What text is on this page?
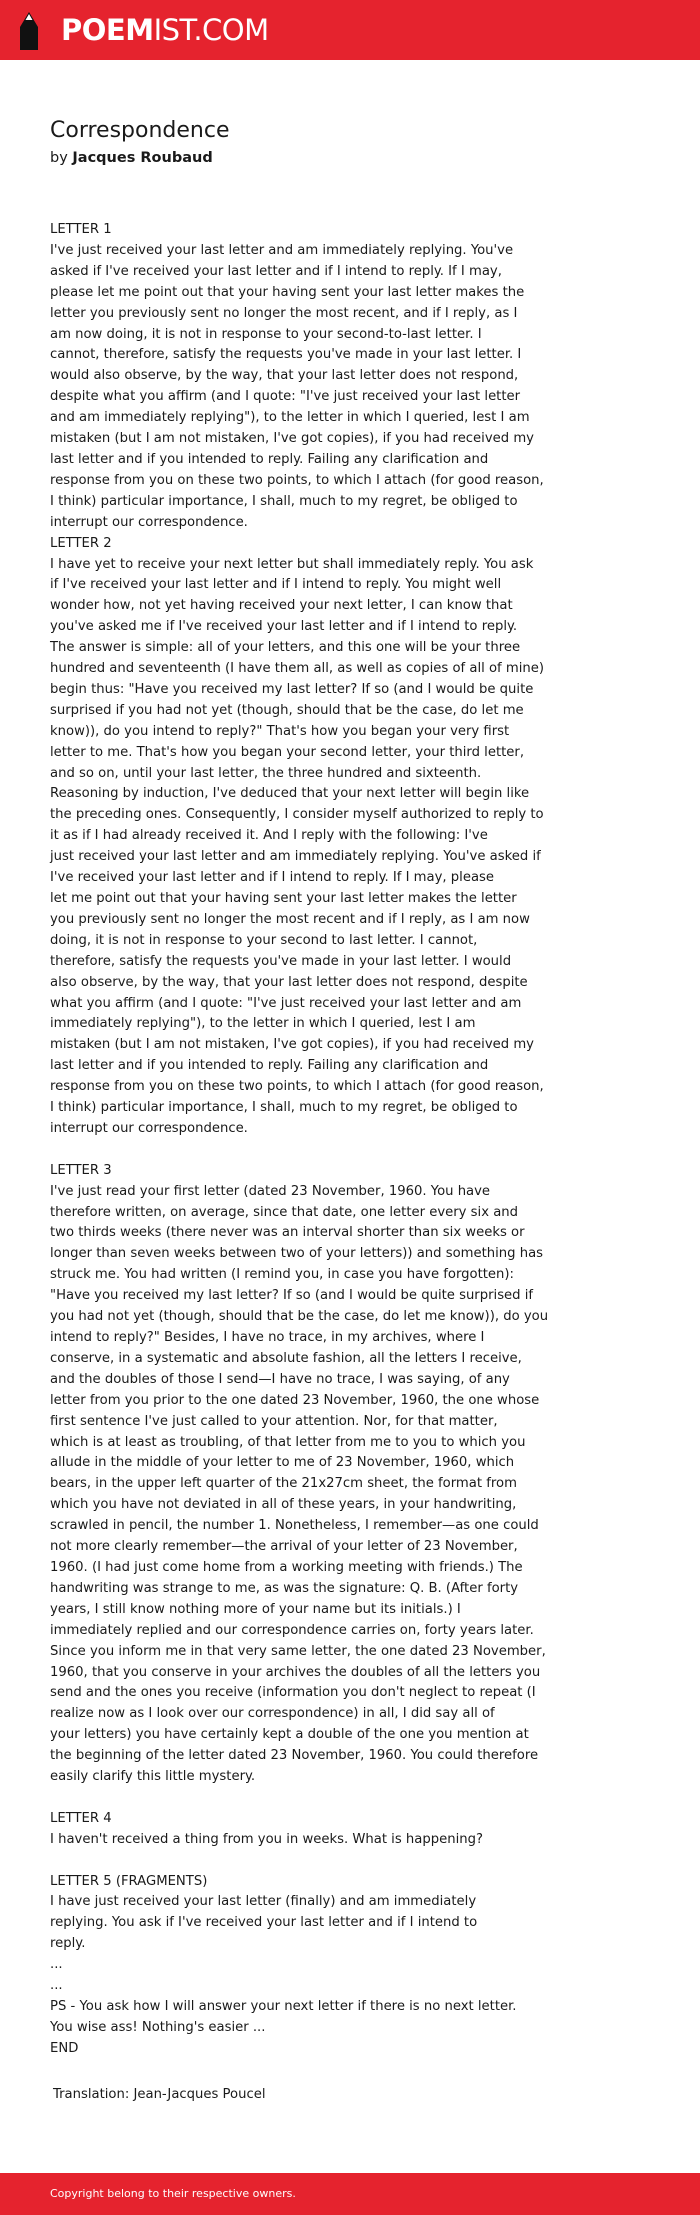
POEMIST.COM
Correspondence
by Jacques Roubaud
LETTER 1
I've just received your last letter and am immediately replying. You've
asked if I've received your last letter and if I intend to reply. If I may,
please let me point out that your having sent your last letter makes the
letter you previously sent no longer the most recent, and if I reply, as I
am now doing, it is not in response to your second-to-last letter. I
cannot, therefore, satisfy the requests you've made in your last letter. I
would also observe, by the way, that your last letter does not respond,
despite what you affirm (and I quote: "I've just received your last letter
and am immediately replying"), to the letter in which I queried, lest I am
mistaken (but I am not mistaken, I've got copies), if you had received my
last letter and if you intended to reply. Failing any clarification and
response from you on these two points, to which I attach (for good reason,
I think) particular importance, I shall, much to my regret, be obliged to
interrupt our correspondence.
LETTER 2
I have yet to receive your next letter but shall immediately reply. You ask
if I've received your last letter and if I intend to reply. You might well
wonder how, not yet having received your next letter, I can know that
you've asked me if I've received your last letter and if I intend to reply.
The answer is simple: all of your letters, and this one will be your three
hundred and seventeenth (I have them all, as well as copies of all of mine)
begin thus: "Have you received my last letter? If so (and I would be quite
surprised if you had not yet (though, should that be the case, do let me
know)), do you intend to reply?" That's how you began your very first
letter to me. That's how you began your second letter, your third letter,
and so on, until your last letter, the three hundred and sixteenth.
Reasoning by induction, I've deduced that your next letter will begin like
the preceding ones. Consequently, I consider myself authorized to reply to
it as if I had already received it. And I reply with the following: I've
just received your last letter and am immediately replying. You've asked if
I've received your last letter and if I intend to reply. If I may, please
let me point out that your having sent your last letter makes the letter
you previously sent no longer the most recent and if I reply, as I am now
doing, it is not in response to your second to last letter. I cannot,
therefore, satisfy the requests you've made in your last letter. I would
also observe, by the way, that your last letter does not respond, despite
what you affirm (and I quote: "I've just received your last letter and am
immediately replying"), to the letter in which I queried, lest I am
mistaken (but I am not mistaken, I've got copies), if you had received my
last letter and if you intended to reply. Failing any clarification and
response from you on these two points, to which I attach (for good reason,
I think) particular importance, I shall, much to my regret, be obliged to
interrupt our correspondence.
LETTER 3
I've just read your first letter (dated 23 November, 1960. You have
therefore written, on average, since that date, one letter every six and
two thirds weeks (there never was an interval shorter than six weeks or
longer than seven weeks between two of your letters)) and something has
struck me. You had written (I remind you, in case you have forgotten):
"Have you received my last letter? If so (and I would be quite surprised if
you had not yet (though, should that be the case, do let me know)), do you
intend to reply?" Besides, I have no trace, in my archives, where I
conserve, in a systematic and absolute fashion, all the letters I receive,
and the doubles of those I send—I have no trace, I was saying, of any
letter from you prior to the one dated 23 November, 1960, the one whose
first sentence I've just called to your attention. Nor, for that matter,
which is at least as troubling, of that letter from me to you to which you
allude in the middle of your letter to me of 23 November, 1960, which
bears, in the upper left quarter of the 21x27cm sheet, the format from
which you have not deviated in all of these years, in your handwriting,
scrawled in pencil, the number 1. Nonetheless, I remember—as one could
not more clearly remember—the arrival of your letter of 23 November,
1960. (I had just come home from a working meeting with friends.) The
handwriting was strange to me, as was the signature: Q. B. (After forty
years, I still know nothing more of your name but its initials.) I
immediately replied and our correspondence carries on, forty years later.
Since you inform me in that very same letter, the one dated 23 November,
1960, that you conserve in your archives the doubles of all the letters you
send and the ones you receive (information you don't neglect to repeat (I
realize now as I look over our correspondence) in all, I did say all of
your letters) you have certainly kept a double of the one you mention at
the beginning of the letter dated 23 November, 1960. You could therefore
easily clarify this little mystery.
LETTER 4
I haven't received a thing from you in weeks. What is happening?
LETTER 5 (FRAGMENTS)
I have just received your last letter (finally) and am immediately
replying. You ask if I've received your last letter and if I intend to
reply.
...
...
PS - You ask how I will answer your next letter if there is no next letter.
You wise ass! Nothing's easier ...
END
Translation: Jean-Jacques Poucel
Copyright belong to their respective owners.
